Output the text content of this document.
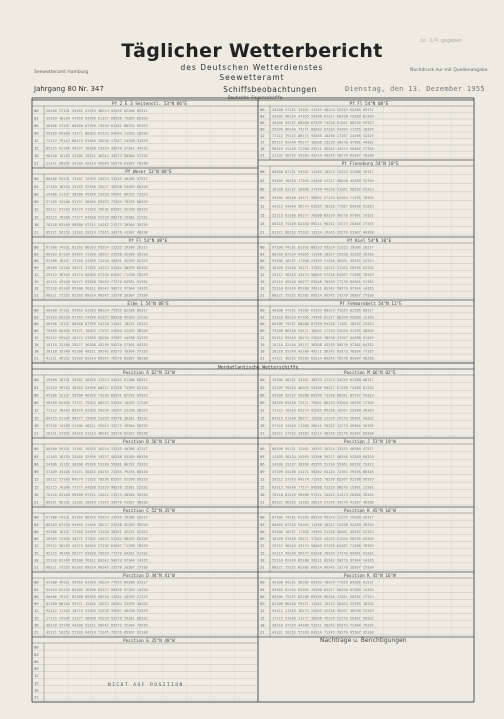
in 3/4 gegeben
Täglicher Wetterbericht
des Deutschen Wetterdienstes
Seewetteramt
Seewetteramt Hamburg	Nachdruck nur mit Quellenangabe
Jahrgang 80 Nr. 347	Schiffsbeobachtungen	Dienstag, den 13. Dezember 1955
Pf 2 E 3 Seitenstl. 53°N 06°E
00 20100 27131 34162 41193 48224 55255 62286 69317
03 33103 40134 47165 54196 61227 68258 75289 82320
06 46106 53137 60168 67199 74230 81261 88292 95323
09 59109 66140 73171 80202 87233 94264 11295 18326
12 72112 79143 86174 93205 10236 17267 24298 31329
15 85115 92146 99177 16208 23239 30270 37301 44332
18 98118 15149 22180 29211 36242 43273 50304 57335
21 21121 28152 35183 42214 49245 56276 63307 70338
Pf Weser 53°N 08°E
00 88100 95131 12162 19193 26224 33255 40286 47317
03 11103 18134 25165 32196 39227 46258 53289 60320
06 24106 31137 38168 45199 52230 59261 66292 73323
09 37109 44140 51171 58202 65233 72264 79295 86326
12 50112 57143 64174 71205 78236 85267 92298 99329
15 63115 70146 77177 84208 91239 98270 15301 22332
18 76118 83149 90180 97211 14242 21273 28304 35335
21 89121 96152 13183 20214 27245 34276 41307 48338
Pf Fl 54°N 09°E
00 67100 74131 81162 88193 95224 12255 19286 26317
03 80103 87134 94165 11196 18227 25258 32289 39320
06 93106 10137 17168 24199 31230 38261 45292 52323
09 16109 23140 30171 37202 44233 51264 58295 65326
12 29112 36143 43174 50205 57236 64267 71298 78329
15 42115 49146 56177 63208 70239 77270 84301 91332
18 55118 62149 69180 76211 83242 90273 97304 14335
21 68121 75152 82183 89214 96245 13276 20307 27338
Elbe 1 54°N 08°E
00 40100 47131 54162 61193 68224 75255 82286 89317
03 53103 60134 67165 74196 81227 88258 95289 12320
06 66106 73137 80168 87199 94230 11261 18292 25323
09 79109 86140 93171 10202 17233 24264 31295 38326
12 92112 99143 16174 23205 30236 37267 44298 51329
15 15115 22146 29177 36208 43239 50270 57301 64332
18 28118 35149 42180 49211 56242 63273 70304 77335
21 41121 48152 55183 62214 69245 76276 83307 90338
Pf Fl 54°N 08°E
00 20100 27131 34162 41193 48224 55255 62286 69317
03 33103 40134 47165 54196 61227 68258 75289 82320
06 46106 53137 60168 67199 74230 81261 88292 95323
09 59109 66140 73171 80202 87233 94264 11295 18326
12 72112 79143 86174 93205 10236 17267 24298 31329
15 85115 92146 99177 16208 23239 30270 37301 44332
18 98118 15149 22180 29211 36242 43273 50304 57335
21 21121 28152 35183 42214 49245 56276 63307 70338
Pf Flensburg 54°N 10°E
00 80100 87131 94162 11193 18224 25255 32286 39317
03 93103 10134 17165 24196 31227 38258 45289 52320
06 16106 23137 30168 37199 44230 51261 58292 65323
09 29109 36140 43171 50202 57233 64264 71295 78326
12 42112 49143 56174 63205 70236 77267 84298 91329
15 55115 62146 69177 76208 83239 90270 97301 14332
18 68118 75149 82180 89211 96242 13273 20304 27335
21 81121 88152 95183 12214 19245 26276 33307 40338
Pf Kiel 54°N 10°E
00 67100 74131 81162 88193 95224 12255 19286 26317
03 80103 87134 94165 11196 18227 25258 32289 39320
06 93106 10137 17168 24199 31230 38261 45292 52323
09 16109 23140 30171 37202 44233 51264 58295 65326
12 29112 36143 43174 50205 57236 64267 71298 78329
15 42115 49146 56177 63208 70239 77270 84301 91332
18 55118 62149 69180 76211 83242 90273 97304 14335
21 68121 75152 82183 89214 96245 13276 20307 27338
Pf Fehmarnbelt 54°N 11°E
00 40100 47131 54162 61193 68224 75255 82286 89317
03 53103 60134 67165 74196 81227 88258 95289 12320
06 66106 73137 80168 87199 94230 11261 18292 25323
09 79109 86140 93171 10202 17233 24264 31295 38326
12 92112 99143 16174 23205 30236 37267 44298 51329
15 15115 22146 29177 36208 43239 50270 57301 64332
18 28118 35149 42180 49211 56242 63273 70304 77335
21 41121 48152 55183 62214 69245 76276 83307 90338
Deutsche Feuerschiffe
Nordatlantische Wetterschiffe
Position A 62°N 33°W
00 19100 26131 33162 40193 47224 54255 61286 68317
03 32103 39134 46165 53196 60227 67258 74289 81320
06 45106 52137 59168 66199 73230 80261 87292 94323
09 58109 65140 72171 79202 86233 93264 10295 17326
12 71112 78143 85174 92205 99236 16267 23298 30329
15 84115 91146 98177 15208 22239 29270 36301 43332
18 97118 14149 21180 28211 35242 42273 49304 56335
21 20121 27152 34183 41214 48245 55276 62307 69338
Position B 56°N 51°W
00 88100 95131 12162 19193 26224 33255 40286 47317
03 11103 18134 25165 32196 39227 46258 53289 60320
06 24106 31137 38168 45199 52230 59261 66292 73323
09 37109 44140 51171 58202 65233 72264 79295 86326
12 50112 57143 64174 71205 78236 85267 92298 99329
15 63115 70146 77177 84208 91239 98270 15301 22332
18 76118 83149 90180 97211 14242 21273 28304 35335
21 89121 96152 13183 20214 27245 34276 41307 48338
Position C 52°N 35°W
00 67100 74131 81162 88193 95224 12255 19286 26317
03 80103 87134 94165 11196 18227 25258 32289 39320
06 93106 10137 17168 24199 31230 38261 45292 52323
09 16109 23140 30171 37202 44233 51264 58295 65326
12 29112 36143 43174 50205 57236 64267 71298 78329
15 42115 49146 56177 63208 70239 77270 84301 91332
18 55118 62149 69180 76211 83242 90273 97304 14335
21 68121 75152 82183 89214 96245 13276 20307 27338
Position D 44°N 41°W
00 42100 49131 56162 63193 70224 77255 84286 91317
03 55103 62134 69165 76196 83227 90258 97289 14320
06 68106 75137 82168 89199 96230 13261 20292 27323
09 81109 88140 95171 12202 19233 26264 33295 40326
12 94112 11143 18174 25205 32236 39267 46298 53329
15 17115 24146 31177 38208 45239 52270 59301 66332
18 30118 37149 44180 51211 58242 65273 72304 79335
21 43121 50152 57183 64214 71245 78276 85307 92338
Position E 35°N 48°W
00
03
06
09
12
15
18
21
Position M 66°N 02°E
00 19100 26131 33162 40193 47224 54255 61286 68317
03 32103 39134 46165 53196 60227 67258 74289 81320
06 45106 52137 59168 66199 73230 80261 87292 94323
09 58109 65140 72171 79202 86233 93264 10295 17326
12 71112 78143 85174 92205 99236 16267 23298 30329
15 84115 91146 98177 15208 22239 29270 36301 43332
18 97118 14149 21180 28211 35242 42273 49304 56335
21 20121 27152 34183 41214 48245 55276 62307 69338
Position J 53°N 19°W
00 88100 95131 12162 19193 26224 33255 40286 47317
03 11103 18134 25165 32196 39227 46258 53289 60320
06 24106 31137 38168 45199 52230 59261 66292 73323
09 37109 44140 51171 58202 65233 72264 79295 86326
12 50112 57143 64174 71205 78236 85267 92298 99329
15 63115 70146 77177 84208 91239 98270 15301 22332
18 76118 83149 90180 97211 14242 21273 28304 35335
21 89121 96152 13183 20214 27245 34276 41307 48338
Position K 45°N 16°W
00 67100 74131 81162 88193 95224 12255 19286 26317
03 80103 87134 94165 11196 18227 25258 32289 39320
06 93106 10137 17168 24199 31230 38261 45292 52323
09 16109 23140 30171 37202 44233 51264 58295 65326
12 29112 36143 43174 50205 57236 64267 71298 78329
15 42115 49146 56177 63208 70239 77270 84301 91332
18 55118 62149 69180 76211 83242 90273 97304 14335
21 68121 75152 82183 89214 96245 13276 20307 27338
Position K 45°N 16°W
00 42100 49131 56162 63193 70224 77255 84286 91317
03 55103 62134 69165 76196 83227 90258 97289 14320
06 68106 75137 82168 89199 96230 13261 20292 27323
09 81109 88140 95171 12202 19233 26264 33295 40326
12 94112 11143 18174 25205 32236 39267 46298 53329
15 17115 24146 31177 38208 45239 52270 59301 66332
18 30118 37149 44180 51211 58242 65273 72304 79335
21 43121 50152 57183 64214 71245 78276 85307 92338
Nachträge u. Berichtigungen
NICHT AUF POSITION
